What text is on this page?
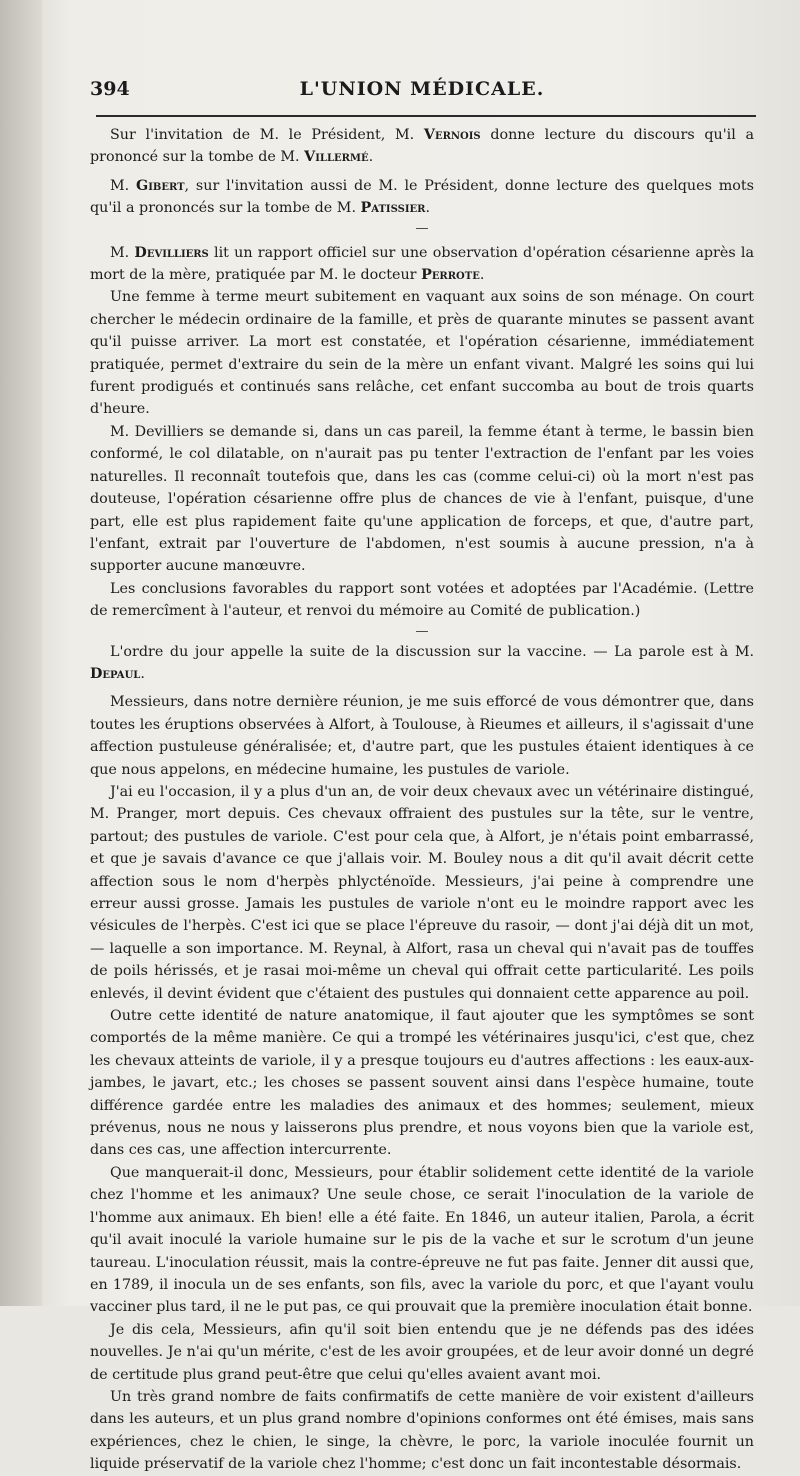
394	L'UNION MÉDICALE.

Sur l'invitation de M. le Président, M. Vernois donne lecture du discours qu'il a prononcé sur la tombe de M. Villermé.

M. Gibert, sur l'invitation aussi de M. le Président, donne lecture des quelques mots qu'il a prononcés sur la tombe de M. Patissier.

—

M. Devilliers lit un rapport officiel sur une observation d'opération césarienne après la mort de la mère, pratiquée par M. le docteur Perrote.

Une femme à terme meurt subitement en vaquant aux soins de son ménage. On court chercher le médecin ordinaire de la famille, et près de quarante minutes se passent avant qu'il puisse arriver. La mort est constatée, et l'opération césarienne, immédiatement pratiquée, permet d'extraire du sein de la mère un enfant vivant. Malgré les soins qui lui furent prodigués et continués sans relâche, cet enfant succomba au bout de trois quarts d'heure.

M. Devilliers se demande si, dans un cas pareil, la femme étant à terme, le bassin bien conformé, le col dilatable, on n'aurait pas pu tenter l'extraction de l'enfant par les voies naturelles. Il reconnaît toutefois que, dans les cas (comme celui-ci) où la mort n'est pas douteuse, l'opération césarienne offre plus de chances de vie à l'enfant, puisque, d'une part, elle est plus rapidement faite qu'une application de forceps, et que, d'autre part, l'enfant, extrait par l'ouverture de l'abdomen, n'est soumis à aucune pression, n'a à supporter aucune manœuvre.

Les conclusions favorables du rapport sont votées et adoptées par l'Académie. (Lettre de remercîment à l'auteur, et renvoi du mémoire au Comité de publication.)

—

L'ordre du jour appelle la suite de la discussion sur la vaccine. — La parole est à M. Depaul.

Messieurs, dans notre dernière réunion, je me suis efforcé de vous démontrer que, dans toutes les éruptions observées à Alfort, à Toulouse, à Rieumes et ailleurs, il s'agissait d'une affection pustuleuse généralisée; et, d'autre part, que les pustules étaient identiques à ce que nous appelons, en médecine humaine, les pustules de variole.

J'ai eu l'occasion, il y a plus d'un an, de voir deux chevaux avec un vétérinaire distingué, M. Pranger, mort depuis. Ces chevaux offraient des pustules sur la tête, sur le ventre, partout; des pustules de variole. C'est pour cela que, à Alfort, je n'étais point embarrassé, et que je savais d'avance ce que j'allais voir. M. Bouley nous a dit qu'il avait décrit cette affection sous le nom d'herpès phlycténoïde. Messieurs, j'ai peine à comprendre une erreur aussi grosse. Jamais les pustules de variole n'ont eu le moindre rapport avec les vésicules de l'herpès. C'est ici que se place l'épreuve du rasoir, — dont j'ai déjà dit un mot, — laquelle a son importance. M. Reynal, à Alfort, rasa un cheval qui n'avait pas de touffes de poils hérissés, et je rasai moi-même un cheval qui offrait cette particularité. Les poils enlevés, il devint évident que c'étaient des pustules qui donnaient cette apparence au poil.

Outre cette identité de nature anatomique, il faut ajouter que les symptômes se sont comportés de la même manière. Ce qui a trompé les vétérinaires jusqu'ici, c'est que, chez les chevaux atteints de variole, il y a presque toujours eu d'autres affections : les eaux-aux-jambes, le javart, etc.; les choses se passent souvent ainsi dans l'espèce humaine, toute différence gardée entre les maladies des animaux et des hommes; seulement, mieux prévenus, nous ne nous y laisserons plus prendre, et nous voyons bien que la variole est, dans ces cas, une affection intercurrente.

Que manquerait-il donc, Messieurs, pour établir solidement cette identité de la variole chez l'homme et les animaux? Une seule chose, ce serait l'inoculation de la variole de l'homme aux animaux. Eh bien! elle a été faite. En 1846, un auteur italien, Parola, a écrit qu'il avait inoculé la variole humaine sur le pis de la vache et sur le scrotum d'un jeune taureau. L'inoculation réussit, mais la contre-épreuve ne fut pas faite. Jenner dit aussi que, en 1789, il inocula un de ses enfants, son fils, avec la variole du porc, et que l'ayant voulu vacciner plus tard, il ne le put pas, ce qui prouvait que la première inoculation était bonne.

Je dis cela, Messieurs, afin qu'il soit bien entendu que je ne défends pas des idées nouvelles. Je n'ai qu'un mérite, c'est de les avoir groupées, et de leur avoir donné un degré de certitude plus grand peut-être que celui qu'elles avaient avant moi.

Un très grand nombre de faits confirmatifs de cette manière de voir existent d'ailleurs dans les auteurs, et un plus grand nombre d'opinions conformes ont été émises, mais sans expériences, chez le chien, le singe, la chèvre, le porc, la variole inoculée fournit un liquide préservatif de la variole chez l'homme; c'est donc un fait incontestable désormais.
